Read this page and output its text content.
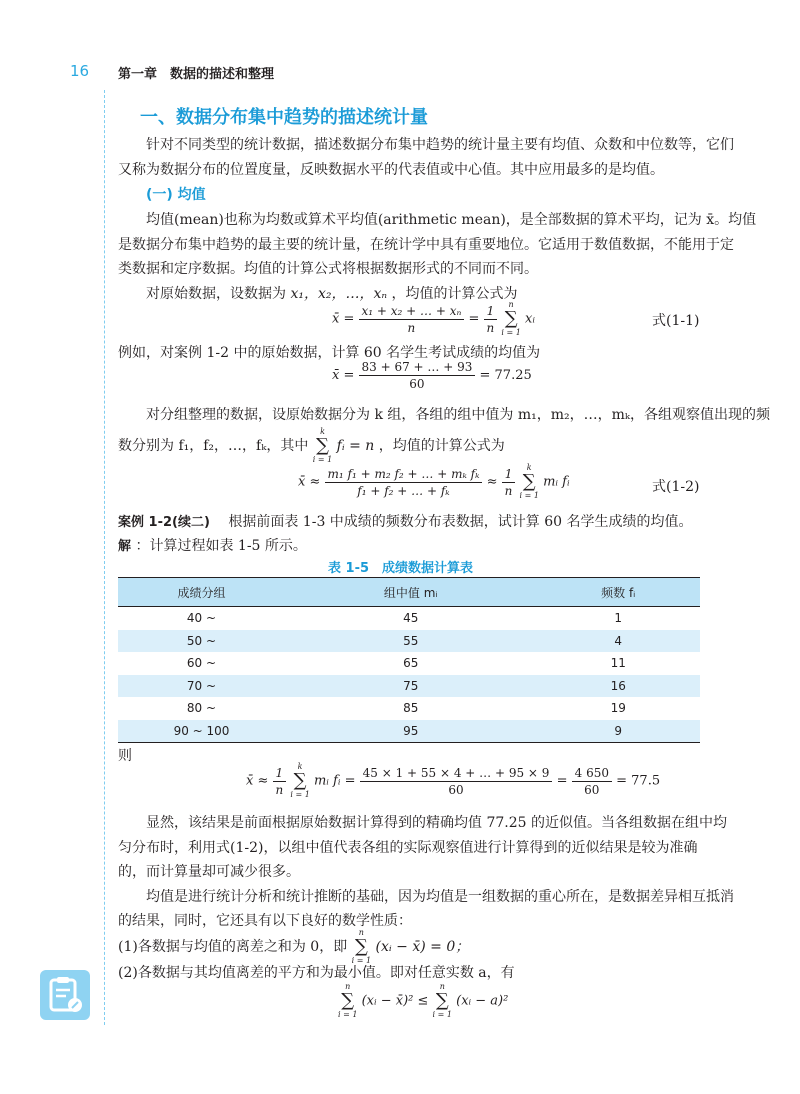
16 第一章　数据的描述和整理
一、数据分布集中趋势的描述统计量
针对不同类型的统计数据，描述数据分布集中趋势的统计量主要有均值、众数和中位数等，它们
又称为数据分布的位置度量，反映数据水平的代表值或中心值。其中应用最多的是均值。
(一) 均值
均值(mean)也称为均数或算术平均值(arithmetic mean)，是全部数据的算术平均，记为 x̄。均值
是数据分布集中趋势的最主要的统计量，在统计学中具有重要地位。它适用于数值数据，不能用于定
类数据和定序数据。均值的计算公式将根据数据形式的不同而不同。
对原始数据，设数据为 x₁，x₂，…，xₙ ，均值的计算公式为
x̄ = $\frac{\text{x₁ + x₂ + … + xₙ}}{n} = \frac{1}{n}$
	n
∑
i = 1
xᵢ	式(1-1)
例如，对案例 1-2 中的原始数据，计算 60 名学生考试成绩的均值为
x̄ = $\frac{83 + 67 + \dots + 93}{60} = 77.25$
对分组整理的数据，设原始数据分为 k 组，各组的组中值为 m₁，m₂，…，mₖ，各组观察值出现的频
数分别为 f₁，f₂，…，fₖ，其中
k
∑
i = 1
fᵢ = n ，均值的计算公式为
x̄ ≈ $\frac{\text{m₁ f₁ + m₂ f₂ + … + mₖ fₖ}}{\text{f₁ + f₂ + … + fₖ}} \approx \frac{1}{n}$
	k
∑
i = 1
mᵢ fᵢ	式(1-2)
案例 1-2(续二) 　根据前面表 1-3 中成绩的频数分布表数据，试计算 60 名学生成绩的均值。
解 ：计算过程如表 1-5 所示。
表 1-5　成绩数据计算表
成绩分组	组中值 mᵢ	频数 fᵢ
40 ~	45	1
50 ~	55	4
60 ~	65	11
70 ~	75	16
80 ~	85	19
90 ~ 100	95	9
则
x̄ ≈ $\frac{1}{n}$
	k
∑
i = 1
mᵢ fᵢ = $\frac{45 \times 1 + 55 \times 4 + \dots + 95 \times 9}{60} = \frac{4 650}{60} = 77.5$
显然，该结果是前面根据原始数据计算得到的精确均值 77.25 的近似值。当各组数据在组中均
匀分布时，利用式(1-2)，以组中值代表各组的实际观察值进行计算得到的近似结果是较为准确
的，而计算量却可减少很多。
均值是进行统计分析和统计推断的基础，因为均值是一组数据的重心所在，是数据差异相互抵消
的结果，同时，它还具有以下良好的数学性质：
(1)各数据与均值的离差之和为 0，即
n
∑
i = 1
(xᵢ − x̄) = 0；
(2)各数据与其均值离差的平方和为最小值。即对任意实数 a，有
n
∑
i = 1
(xᵢ − x̄)² ≤
n
∑
i = 1
(xᵢ − a)²
